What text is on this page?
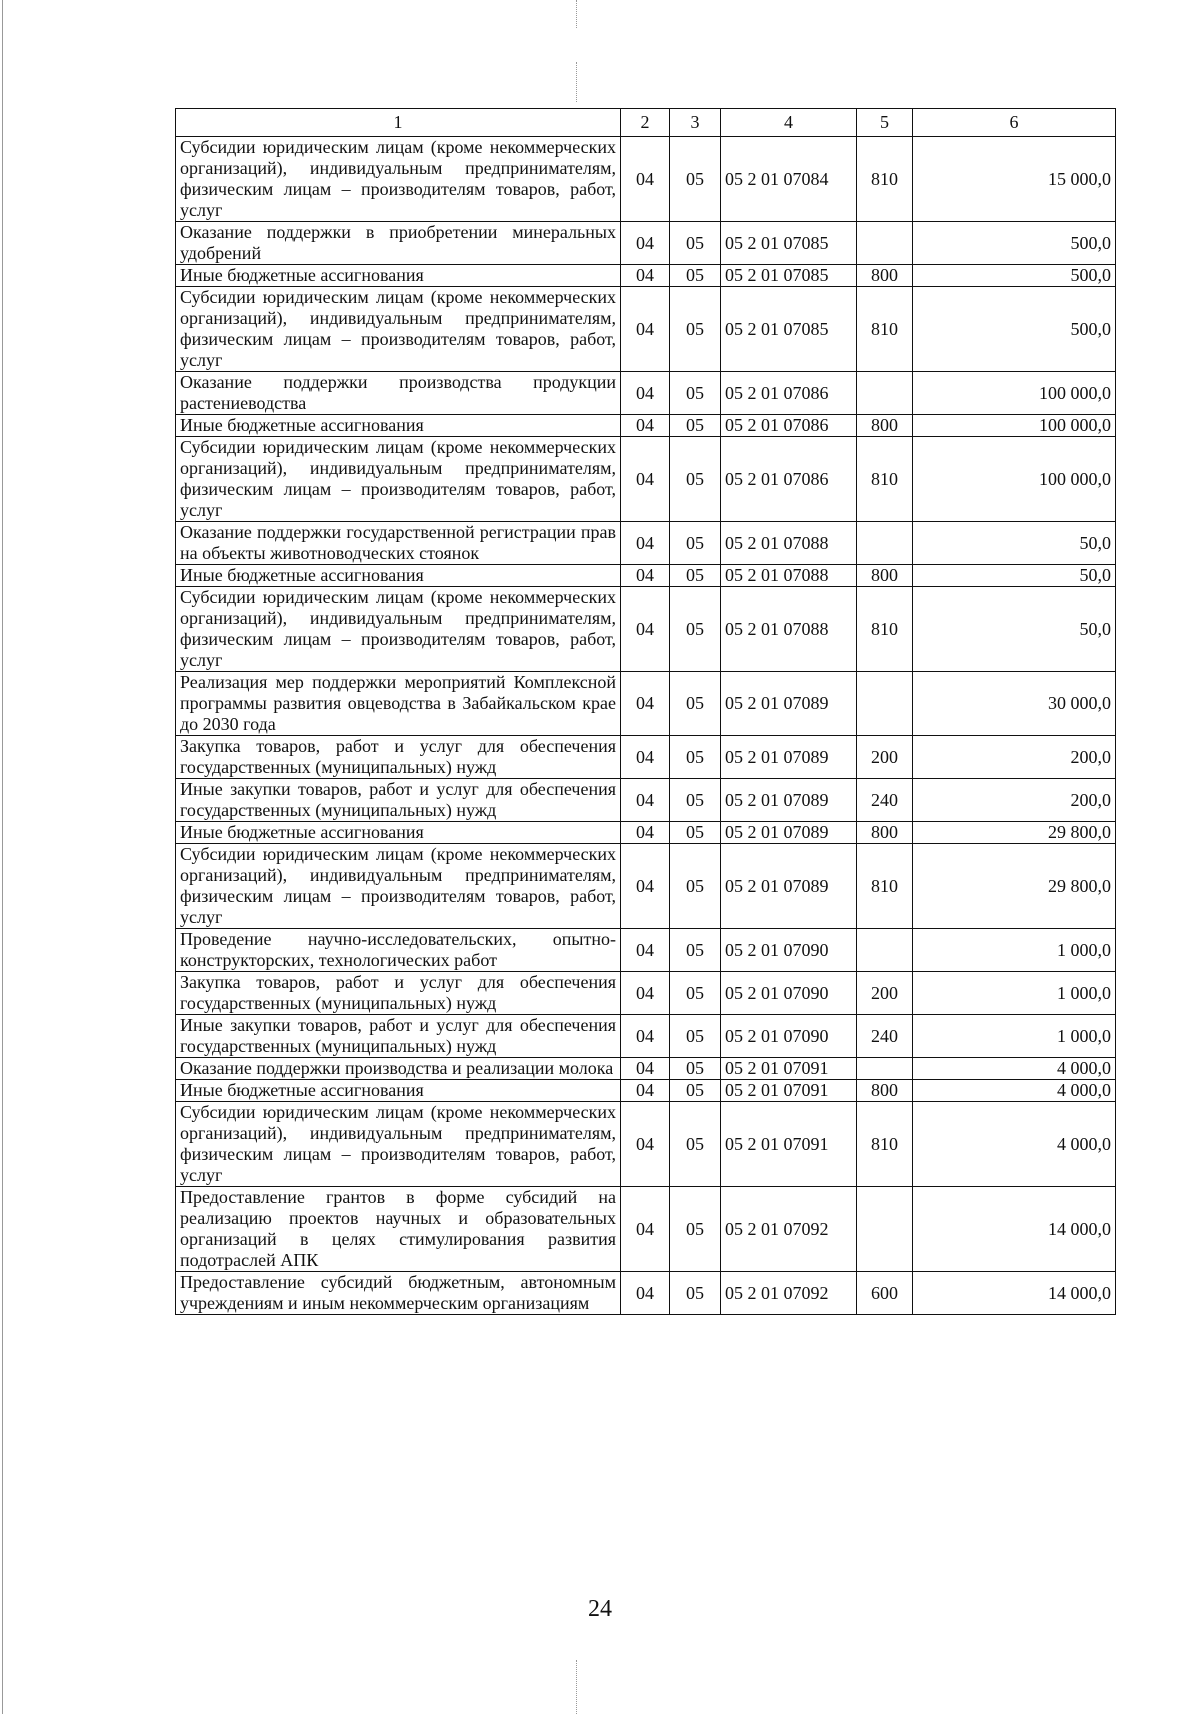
1	2	3	4	5	6
Субсидии юридическим лицам (кроме некоммерческих организаций), индивидуальным предпринимателям, физическим лицам – производителям товаров, работ, услуг	04	05	05 2 01 07084	810	15 000,0
Оказание поддержки в приобретении минеральных удобрений	04	05	05 2 01 07085		500,0
Иные бюджетные ассигнования	04	05	05 2 01 07085	800	500,0
Субсидии юридическим лицам (кроме некоммерческих организаций), индивидуальным предпринимателям, физическим лицам – производителям товаров, работ, услуг	04	05	05 2 01 07085	810	500,0
Оказание поддержки производства продукции растениеводства	04	05	05 2 01 07086		100 000,0
Иные бюджетные ассигнования	04	05	05 2 01 07086	800	100 000,0
Субсидии юридическим лицам (кроме некоммерческих организаций), индивидуальным предпринимателям, физическим лицам – производителям товаров, работ, услуг	04	05	05 2 01 07086	810	100 000,0
Оказание поддержки государственной регистрации прав на объекты животноводческих стоянок	04	05	05 2 01 07088		50,0
Иные бюджетные ассигнования	04	05	05 2 01 07088	800	50,0
Субсидии юридическим лицам (кроме некоммерческих организаций), индивидуальным предпринимателям, физическим лицам – производителям товаров, работ, услуг	04	05	05 2 01 07088	810	50,0
Реализация мер поддержки мероприятий Комплексной программы развития овцеводства в Забайкальском крае до 2030 года	04	05	05 2 01 07089		30 000,0
Закупка товаров, работ и услуг для обеспечения государственных (муниципальных) нужд	04	05	05 2 01 07089	200	200,0
Иные закупки товаров, работ и услуг для обеспечения государственных (муниципальных) нужд	04	05	05 2 01 07089	240	200,0
Иные бюджетные ассигнования	04	05	05 2 01 07089	800	29 800,0
Субсидии юридическим лицам (кроме некоммерческих организаций), индивидуальным предпринимателям, физическим лицам – производителям товаров, работ, услуг	04	05	05 2 01 07089	810	29 800,0
Проведение научно-исследовательских, опытно-конструкторских, технологических работ	04	05	05 2 01 07090		1 000,0
Закупка товаров, работ и услуг для обеспечения государственных (муниципальных) нужд	04	05	05 2 01 07090	200	1 000,0
Иные закупки товаров, работ и услуг для обеспечения государственных (муниципальных) нужд	04	05	05 2 01 07090	240	1 000,0
Оказание поддержки производства и реализации молока	04	05	05 2 01 07091		4 000,0
Иные бюджетные ассигнования	04	05	05 2 01 07091	800	4 000,0
Субсидии юридическим лицам (кроме некоммерческих организаций), индивидуальным предпринимателям, физическим лицам – производителям товаров, работ, услуг	04	05	05 2 01 07091	810	4 000,0
Предоставление грантов в форме субсидий на реализацию проектов научных и образовательных организаций в целях стимулирования развития подотраслей АПК	04	05	05 2 01 07092		14 000,0
Предоставление субсидий бюджетным, автономным учреждениям и иным некоммерческим организациям	04	05	05 2 01 07092	600	14 000,0
24
